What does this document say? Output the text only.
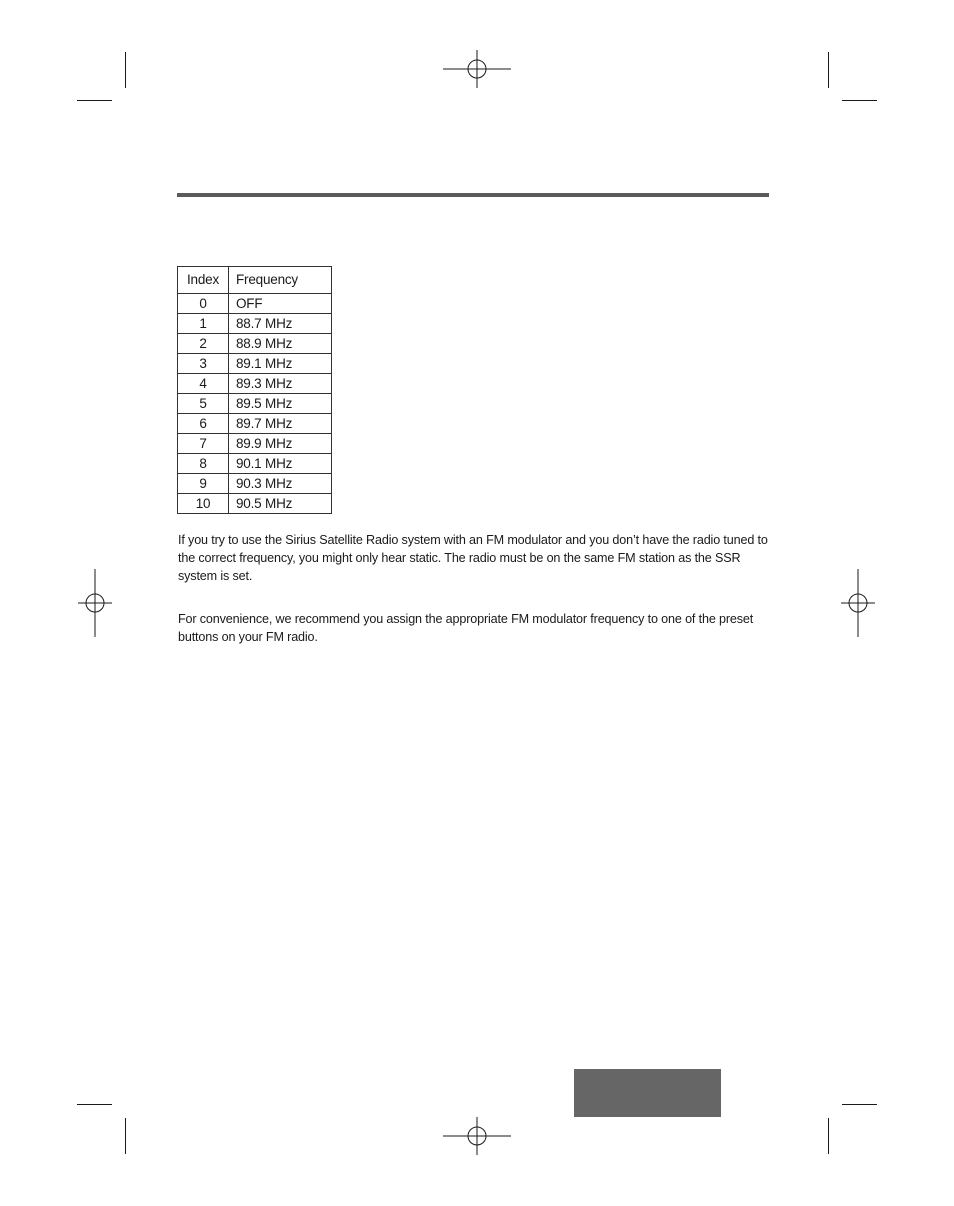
Index	Frequency
0	OFF
1	88.7 MHz
2	88.9 MHz
3	89.1 MHz
4	89.3 MHz
5	89.5 MHz
6	89.7 MHz
7	89.9 MHz
8	90.1 MHz
9	90.3 MHz
10	90.5 MHz

If you try to use the Sirius Satellite Radio system with an FM modulator and you don’t have the radio tuned to the correct frequency, you might only hear static. The radio must be on the same FM station as the SSR system is set.

For convenience, we recommend you assign the appropriate FM modulator frequency to one of the preset buttons on your FM radio.
